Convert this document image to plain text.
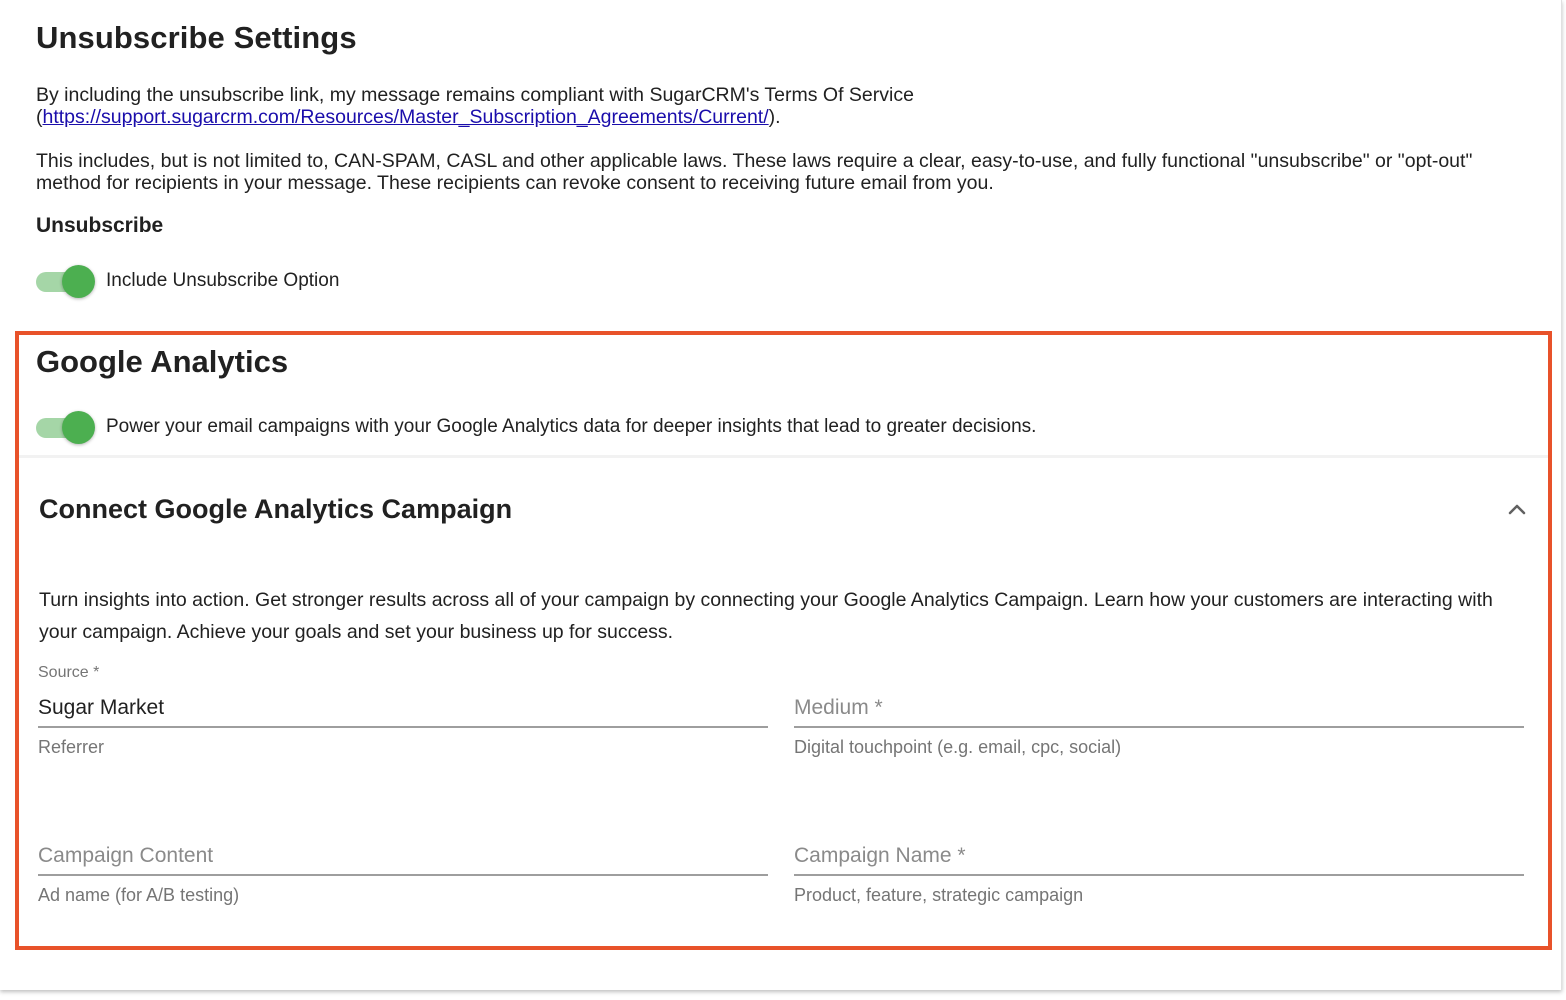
Unsubscribe Settings

By including the unsubscribe link, my message remains compliant with SugarCRM's Terms Of Service (https://support.sugarcrm.com/Resources/Master_Subscription_Agreements/Current/).

This includes, but is not limited to, CAN-SPAM, CASL and other applicable laws. These laws require a clear, easy-to-use, and fully functional "unsubscribe" or "opt-out" method for recipients in your message. These recipients can revoke consent to receiving future email from you.

Unsubscribe
Include Unsubscribe Option
Google Analytics
Power your email campaigns with your Google Analytics data for deeper insights that lead to greater decisions.
Connect Google Analytics Campaign

Turn insights into action. Get stronger results across all of your campaign by connecting your Google Analytics Campaign. Learn how your customers are interacting with your campaign. Achieve your goals and set your business up for success.

Source *
Sugar Market
Referrer
Medium *	Digital touchpoint (e.g. email, cpc, social)
Campaign Content
Ad name (for A/B testing)
Campaign Name *	Product, feature, strategic campaign
